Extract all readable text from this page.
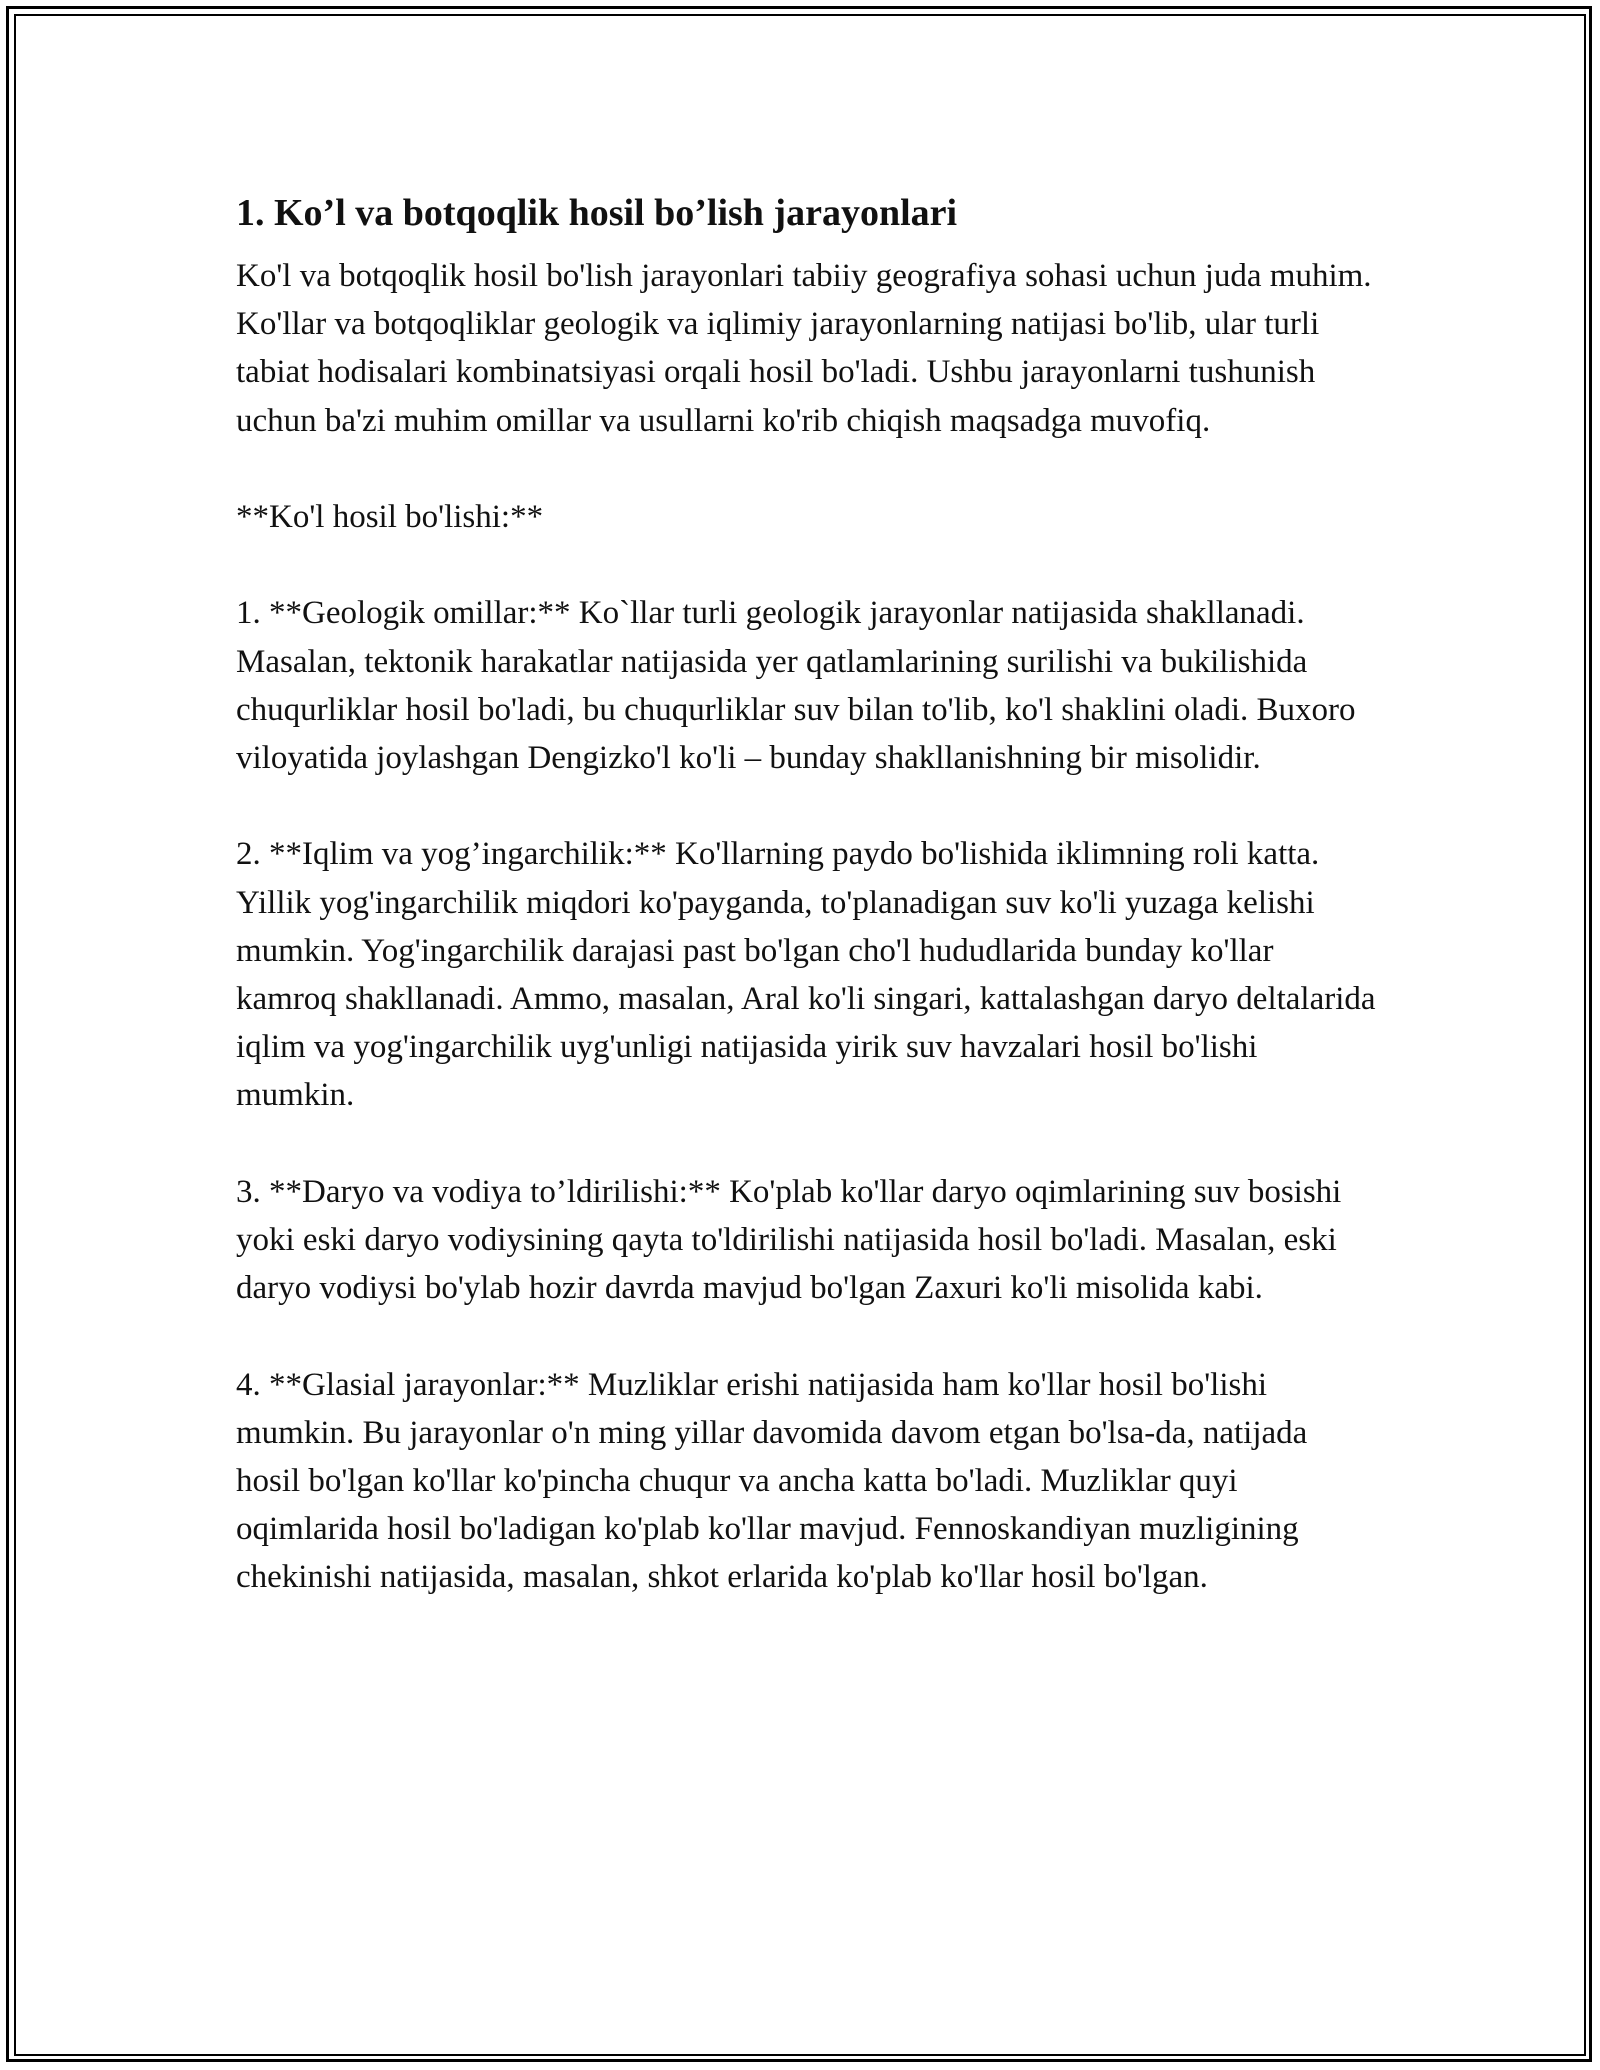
1. Ko’l va botqoqlik hosil bo’lish jarayonlari

Ko'l va botqoqlik hosil bo'lish jarayonlari tabiiy geografiya sohasi uchun juda muhim. Ko'llar va botqoqliklar geologik va iqlimiy jarayonlarning natijasi bo'lib, ular turli tabiat hodisalari kombinatsiyasi orqali hosil bo'ladi. Ushbu jarayonlarni tushunish uchun ba'zi muhim omillar va usullarni ko'rib chiqish maqsadga muvofiq.

**Ko'l hosil bo'lishi:**

1. **Geologik omillar:** Ko`llar turli geologik jarayonlar natijasida shakllanadi. Masalan, tektonik harakatlar natijasida yer qatlamlarining surilishi va bukilishida chuqurliklar hosil bo'ladi, bu chuqurliklar suv bilan to'lib, ko'l shaklini oladi. Buxoro viloyatida joylashgan Dengizko'l ko'li – bunday shakllanishning bir misolidir.

2. **Iqlim va yog’ingarchilik:** Ko'llarning paydo bo'lishida iklimning roli katta. Yillik yog'ingarchilik miqdori ko'payganda, to'planadigan suv ko'li yuzaga kelishi mumkin. Yog'ingarchilik darajasi past bo'lgan cho'l hududlarida bunday ko'llar kamroq shakllanadi. Ammo, masalan, Aral ko'li singari, kattalashgan daryo deltalarida iqlim va yog'ingarchilik uyg'unligi natijasida yirik suv havzalari hosil bo'lishi mumkin.

3. **Daryo va vodiya to’ldirilishi:** Ko'plab ko'llar daryo oqimlarining suv bosishi yoki eski daryo vodiysining qayta to'ldirilishi natijasida hosil bo'ladi. Masalan, eski daryo vodiysi bo'ylab hozir davrda mavjud bo'lgan Zaxuri ko'li misolida kabi.

4. **Glasial jarayonlar:** Muzliklar erishi natijasida ham ko'llar hosil bo'lishi mumkin. Bu jarayonlar o'n ming yillar davomida davom etgan bo'lsa-da, natijada hosil bo'lgan ko'llar ko'pincha chuqur va ancha katta bo'ladi. Muzliklar quyi oqimlarida hosil bo'ladigan ko'plab ko'llar mavjud. Fennoskandiyan muzligining chekinishi natijasida, masalan, shkot erlarida ko'plab ko'llar hosil bo'lgan.
